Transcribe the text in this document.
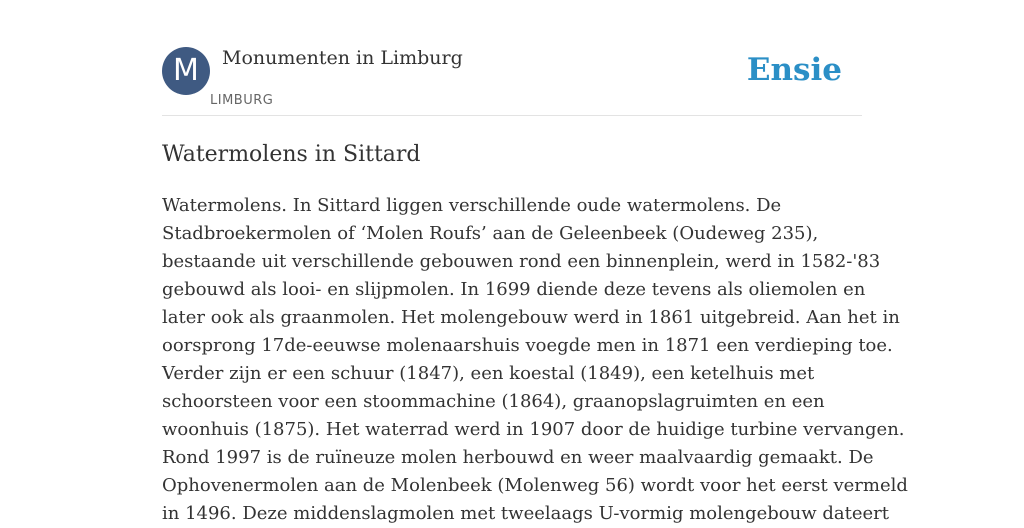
M	Monumenten in Limburg
LIMBURG
Ensie
Watermolens in Sittard
Watermolens. In Sittard liggen verschillende oude watermolens. De
Stadbroekermolen of ‘Molen Roufs’ aan de Geleenbeek (Oudeweg 235),
bestaande uit verschillende gebouwen rond een binnenplein, werd in 1582-'83
gebouwd als looi- en slijpmolen. In 1699 diende deze tevens als oliemolen en
later ook als graanmolen. Het molengebouw werd in 1861 uitgebreid. Aan het in
oorsprong 17de-eeuwse molenaarshuis voegde men in 1871 een verdieping toe.
Verder zijn er een schuur (1847), een koestal (1849), een ketelhuis met
schoorsteen voor een stoommachine (1864), graanopslagruimten en een
woonhuis (1875). Het waterrad werd in 1907 door de huidige turbine vervangen.
Rond 1997 is de ruïneuze molen herbouwd en weer maalvaardig gemaakt. De
Ophovenermolen aan de Molenbeek (Molenweg 56) wordt voor het eerst vermeld
in 1496. Deze middenslagmolen met tweelaags U-vormig molengebouw dateert
